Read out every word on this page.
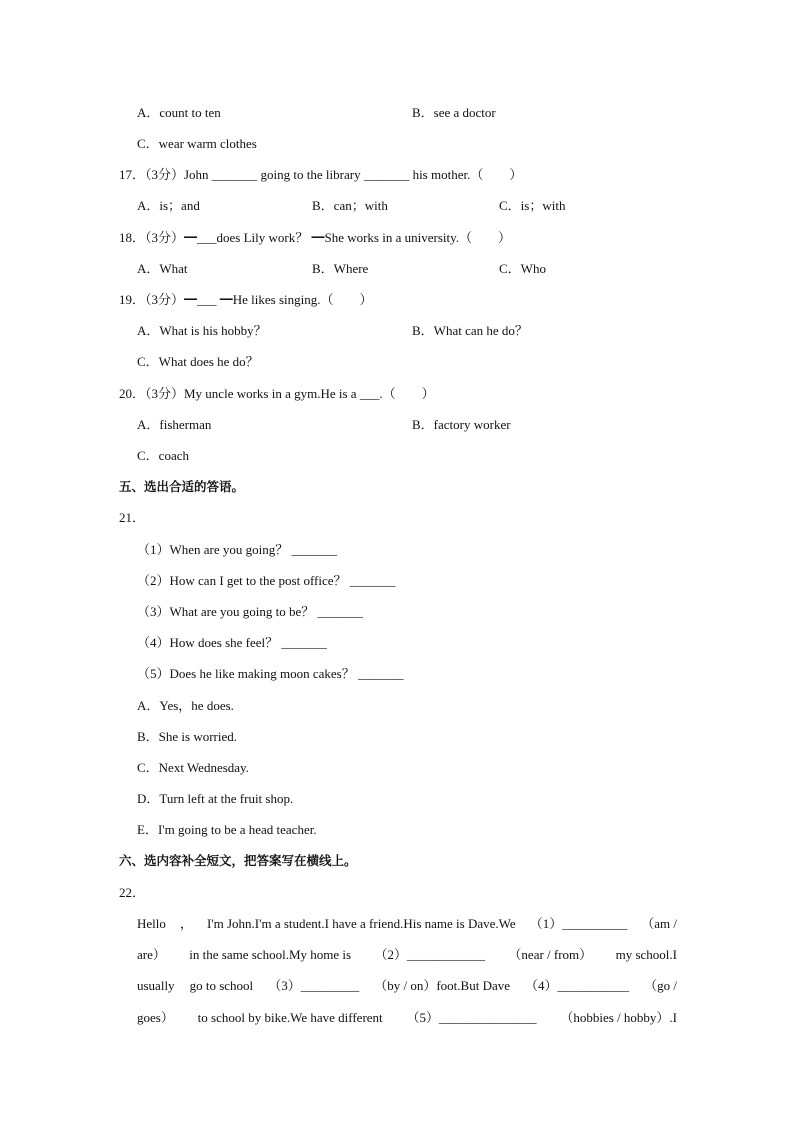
A．count to ten	B．see a doctor
C．wear warm clothes
17．（3分）John _______ going to the library _______ his mother.（　　）
A．is；and	B．can；with	C．is；with
18．（3分）━___does Lily work？ ━She works in a university.（　　）
A．What	B．Where	C．Who
19．（3分）━___ ━He likes singing.（　　）
A．What is his hobby？	B．What can he do？
C．What does he do？
20．（3分）My uncle works in a gym.He is a ___.（　　）
A．fisherman	B．factory worker
C．coach
五、选出合适的答语。
21．
（1）When are you going？ _______
（2）How can I get to the post office？ _______
（3）What are you going to be？ _______
（4）How does she feel？ _______
（5）Does he like making moon cakes？ _______
A．Yes，he does.
B．She is worried.
C．Next Wednesday.
D．Turn left at the fruit shop.
E．I'm going to be a head teacher.
六、选内容补全短文，把答案写在横线上。
22．
Hello ， I'm John.I'm a student.I have a friend.His name is Dave.We （1）__________ （am /
are） in the same school.My home is （2）____________ （near / from） my school.I
usually go to school （3）_________ （by / on）foot.But Dave （4）___________ （go /
goes） to school by bike.We have different （5）_______________ （hobbies / hobby）.I
